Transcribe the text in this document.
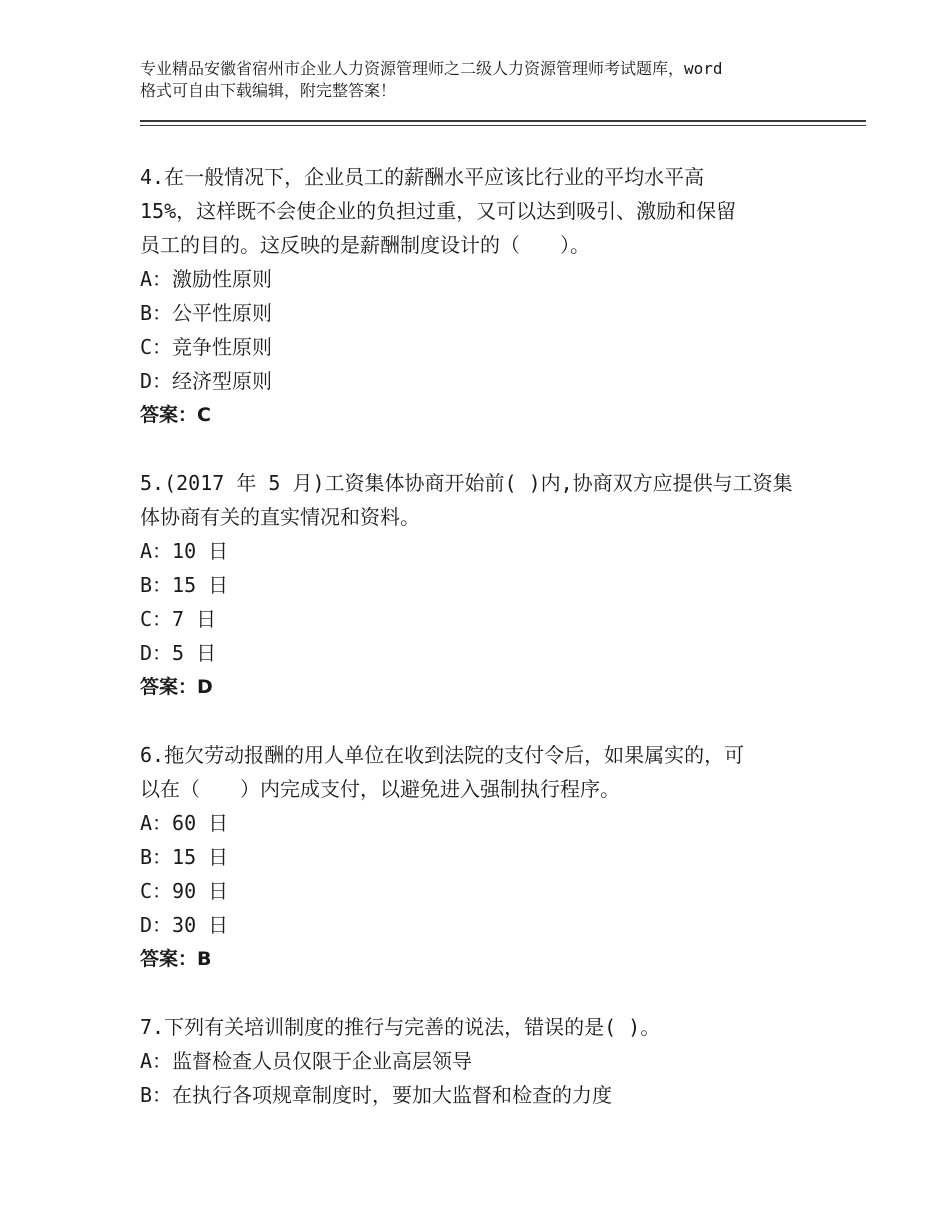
专业精品安徽省宿州市企业人力资源管理师之二级人力资源管理师考试题库，word
格式可自由下载编辑，附完整答案！
4.在一般情况下，企业员工的薪酬水平应该比行业的平均水平高
15%，这样既不会使企业的负担过重，又可以达到吸引、激励和保留
员工的目的。这反映的是薪酬制度设计的（　　）。
A：激励性原则
B：公平性原则
C：竞争性原则
D：经济型原则
答案：C
5.(2017 年 5 月)工资集体协商开始前( )内,协商双方应提供与工资集
体协商有关的直实情况和资料。
A：10 日
B：15 日
C：7 日
D：5 日
答案：D
6.拖欠劳动报酬的用人单位在收到法院的支付令后，如果属实的，可
以在（　　）内完成支付，以避免进入强制执行程序。
A：60 日
B：15 日
C：90 日
D：30 日
答案：B
7.下列有关培训制度的推行与完善的说法，错误的是( )。
A：监督检查人员仅限于企业高层领导
B：在执行各项规章制度时，要加大监督和检查的力度
